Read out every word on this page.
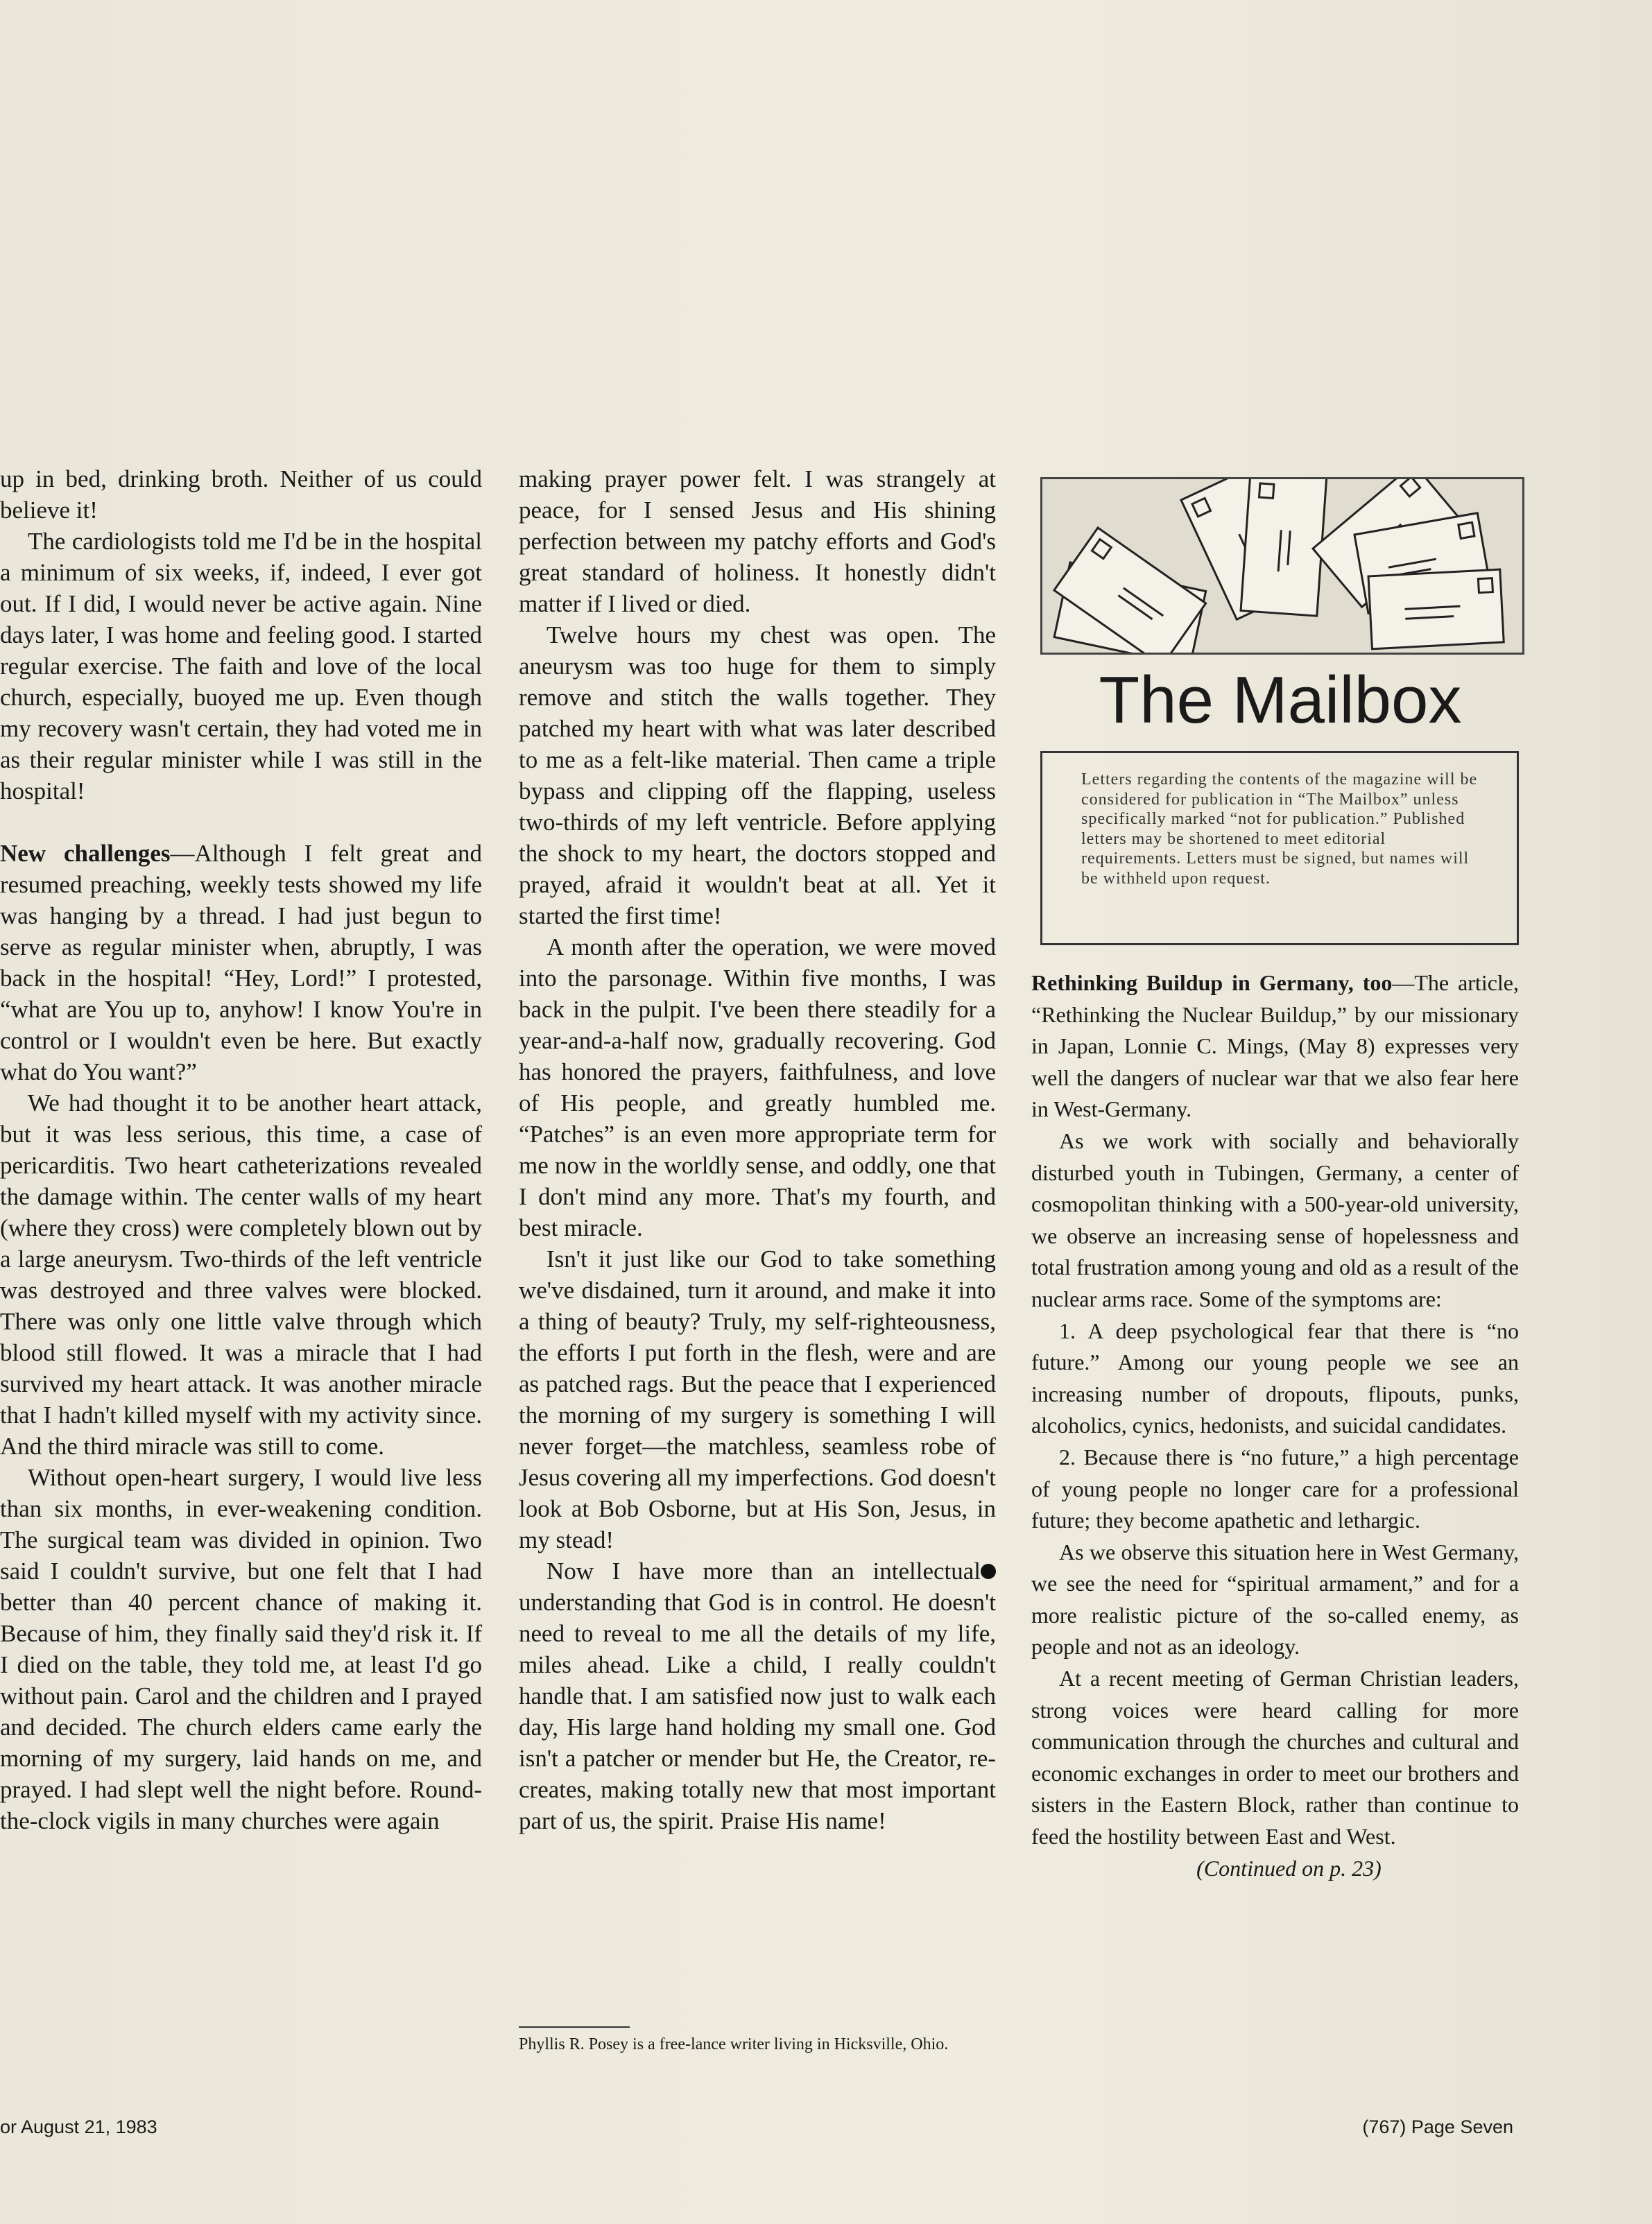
up in bed, drinking broth. Neither of us could believe it!

The cardiologists told me I'd be in the hospital a minimum of six weeks, if, indeed, I ever got out. If I did, I would never be active again. Nine days later, I was home and feeling good. I started regular exercise. The faith and love of the local church, especially, buoyed me up. Even though my recovery wasn't certain, they had voted me in as their regular minister while I was still in the hospital!

New challenges—Although I felt great and resumed preaching, weekly tests showed my life was hanging by a thread. I had just begun to serve as regular minister when, abruptly, I was back in the hospital! “Hey, Lord!” I protested, “what are You up to, anyhow! I know You're in control or I wouldn't even be here. But exactly what do You want?”

We had thought it to be another heart attack, but it was less serious, this time, a case of pericarditis. Two heart catheterizations revealed the damage within. The center walls of my heart (where they cross) were completely blown out by a large aneurysm. Two-thirds of the left ventricle was destroyed and three valves were blocked. There was only one little valve through which blood still flowed. It was a miracle that I had survived my heart attack. It was another miracle that I hadn't killed myself with my activity since. And the third miracle was still to come.

Without open-heart surgery, I would live less than six months, in ever-weakening condition. The surgical team was divided in opinion. Two said I couldn't survive, but one felt that I had better than 40 percent chance of making it. Because of him, they finally said they'd risk it. If I died on the table, they told me, at least I'd go without pain. Carol and the children and I prayed and decided. The church elders came early the morning of my surgery, laid hands on me, and prayed. I had slept well the night before. Round-the-clock vigils in many churches were again

making prayer power felt. I was strangely at peace, for I sensed Jesus and His shining perfection between my patchy efforts and God's great standard of holiness. It honestly didn't matter if I lived or died.

Twelve hours my chest was open. The aneurysm was too huge for them to simply remove and stitch the walls together. They patched my heart with what was later described to me as a felt-like material. Then came a triple bypass and clipping off the flapping, useless two-thirds of my left ventricle. Before applying the shock to my heart, the doctors stopped and prayed, afraid it wouldn't beat at all. Yet it started the first time!

A month after the operation, we were moved into the parsonage. Within five months, I was back in the pulpit. I've been there steadily for a year-and-a-half now, gradually recovering. God has honored the prayers, faithfulness, and love of His people, and greatly humbled me. “Patches” is an even more appropriate term for me now in the worldly sense, and oddly, one that I don't mind any more. That's my fourth, and best miracle.

Isn't it just like our God to take something we've disdained, turn it around, and make it into a thing of beauty? Truly, my self-righteousness, the efforts I put forth in the flesh, were and are as patched rags. But the peace that I experienced the morning of my surgery is something I will never forget—the matchless, seamless robe of Jesus covering all my imperfections. God doesn't look at Bob Osborne, but at His Son, Jesus, in my stead!

Now I have more than an intellectual understanding that God is in control. He doesn't need to reveal to me all the details of my life, miles ahead. Like a child, I really couldn't handle that. I am satisfied now just to walk each day, His large hand holding my small one. God isn't a patcher or mender but He, the Creator, re-creates, making totally new that most important part of us, the spirit. Praise His name!

Phyllis R. Posey is a free-lance writer living in Hicksville, Ohio.
The Mailbox
Letters regarding the contents of the magazine will be considered for publication in “The Mailbox” unless specifically marked “not for publication.” Published letters may be shortened to meet editorial requirements. Letters must be signed, but names will be withheld upon request.

Rethinking Buildup in Germany, too—The article, “Rethinking the Nuclear Buildup,” by our missionary in Japan, Lonnie C. Mings, (May 8) expresses very well the dangers of nuclear war that we also fear here in West-Germany.

As we work with socially and behaviorally disturbed youth in Tubingen, Germany, a center of cosmopolitan thinking with a 500-year-old university, we observe an increasing sense of hopelessness and total frustration among young and old as a result of the nuclear arms race. Some of the symptoms are:

1. A deep psychological fear that there is “no future.” Among our young people we see an increasing number of dropouts, flipouts, punks, alcoholics, cynics, hedonists, and suicidal candidates.

2. Because there is “no future,” a high percentage of young people no longer care for a professional future; they become apathetic and lethargic.

As we observe this situation here in West Germany, we see the need for “spiritual armament,” and for a more realistic picture of the so-called enemy, as people and not as an ideology.

At a recent meeting of German Christian leaders, strong voices were heard calling for more communication through the churches and cultural and economic exchanges in order to meet our brothers and sisters in the Eastern Block, rather than continue to feed the hostility between East and West.

(Continued on p. 23)

or August 21, 1983	(767) Page Seven
